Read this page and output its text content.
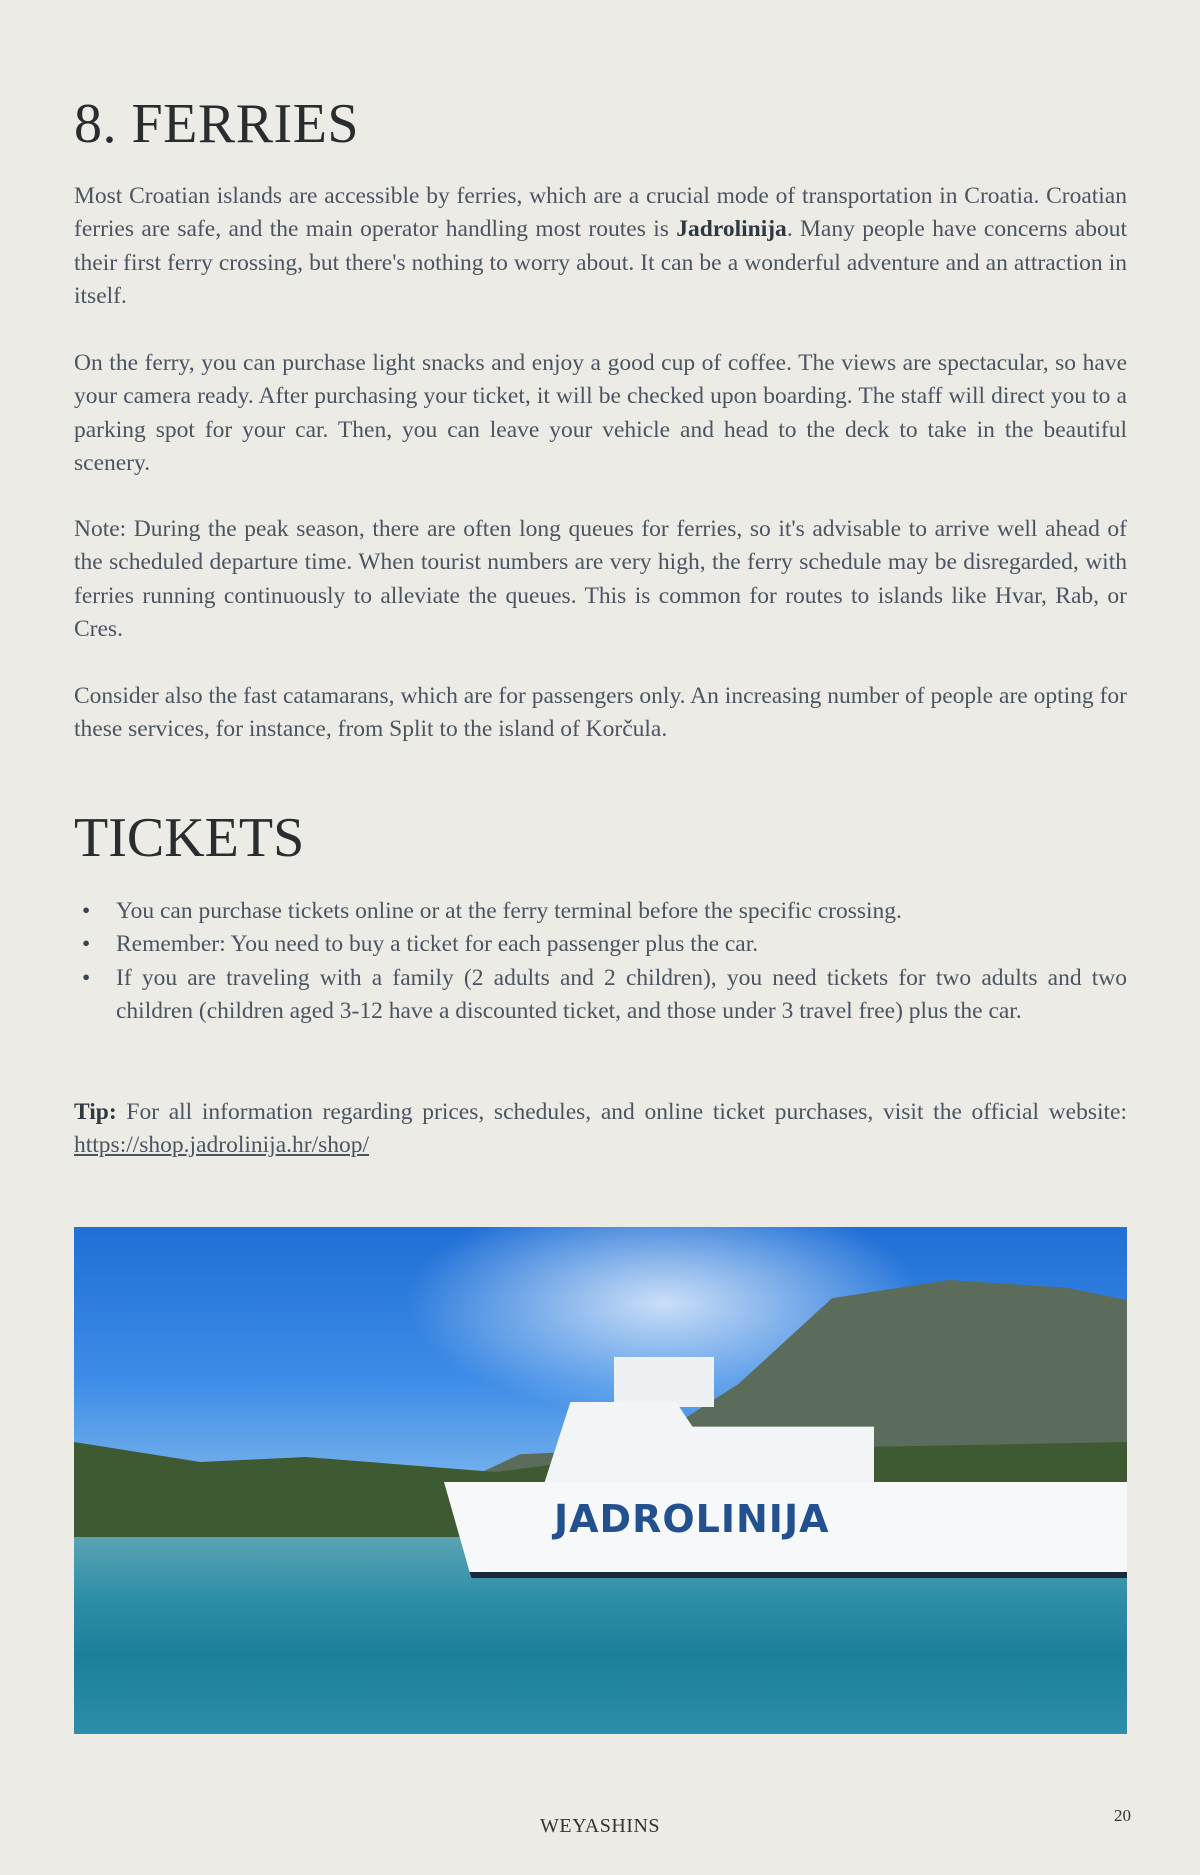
8. FERRIES

Most Croatian islands are accessible by ferries, which are a crucial mode of transportation in Croatia. Croatian ferries are safe, and the main operator handling most routes is Jadrolinija. Many people have concerns about their first ferry crossing, but there's nothing to worry about. It can be a wonderful adventure and an attraction in itself.

On the ferry, you can purchase light snacks and enjoy a good cup of coffee. The views are spectacular, so have your camera ready. After purchasing your ticket, it will be checked upon boarding. The staff will direct you to a parking spot for your car. Then, you can leave your vehicle and head to the deck to take in the beautiful scenery.

Note: During the peak season, there are often long queues for ferries, so it's advisable to arrive well ahead of the scheduled departure time. When tourist numbers are very high, the ferry schedule may be disregarded, with ferries running continuously to alleviate the queues. This is common for routes to islands like Hvar, Rab, or Cres.

Consider also the fast catamarans, which are for passengers only. An increasing number of people are opting for these services, for instance, from Split to the island of Korčula.

TICKETS
• You can purchase tickets online or at the ferry terminal before the specific crossing.
• Remember: You need to buy a ticket for each passenger plus the car.
• If you are traveling with a family (2 adults and 2 children), you need tickets for two adults and two children (children aged 3-12 have a discounted ticket, and those under 3 travel free) plus the car.

Tip: For all information regarding prices, schedules, and online ticket purchases, visit the official website: https://shop.jadrolinija.hr/shop/

JADROLINIJA
WEYASHINS	20
